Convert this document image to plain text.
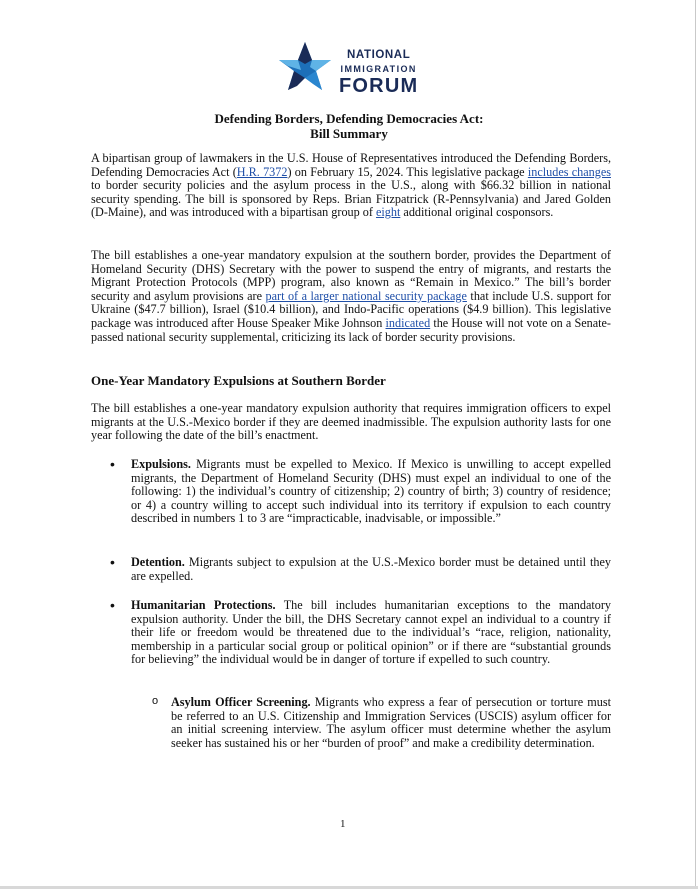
NATIONAL
IMMIGRATION
FORUM
Defending Borders, Defending Democracies Act:
Bill Summary
A bipartisan group of lawmakers in the U.S. House of Representatives introduced the Defending Borders, Defending Democracies Act (H.R. 7372) on February 15, 2024. This legislative package includes changes to border security policies and the asylum process in the U.S., along with $66.32 billion in national security spending. The bill is sponsored by Reps. Brian Fitzpatrick (R-Pennsylvania) and Jared Golden (D-Maine), and was introduced with a bipartisan group of eight additional original cosponsors.
The bill establishes a one-year mandatory expulsion at the southern border, provides the Department of Homeland Security (DHS) Secretary with the power to suspend the entry of migrants, and restarts the Migrant Protection Protocols (MPP) program, also known as “Remain in Mexico.” The bill’s border security and asylum provisions are part of a larger national security package that include U.S. support for Ukraine ($47.7 billion), Israel ($10.4 billion), and Indo-Pacific operations ($4.9 billion). This legislative package was introduced after House Speaker Mike Johnson indicated the House will not vote on a Senate-passed national security supplemental, criticizing its lack of border security provisions.
One-Year Mandatory Expulsions at Southern Border
The bill establishes a one-year mandatory expulsion authority that requires immigration officers to expel migrants at the U.S.-Mexico border if they are deemed inadmissible. The expulsion authority lasts for one year following the date of the bill’s enactment.
• Expulsions. Migrants must be expelled to Mexico. If Mexico is unwilling to accept expelled migrants, the Department of Homeland Security (DHS) must expel an individual to one of the following: 1) the individual’s country of citizenship; 2) country of birth; 3) country of residence; or 4) a country willing to accept such individual into its territory if expulsion to each country described in numbers 1 to 3 are “impracticable, inadvisable, or impossible.”
• Detention. Migrants subject to expulsion at the U.S.-Mexico border must be detained until they are expelled.
• Humanitarian Protections. The bill includes humanitarian exceptions to the mandatory expulsion authority. Under the bill, the DHS Secretary cannot expel an individual to a country if their life or freedom would be threatened due to the individual’s “race, religion, nationality, membership in a particular social group or political opinion” or if there are “substantial grounds for believing” the individual would be in danger of torture if expelled to such country.
o Asylum Officer Screening. Migrants who express a fear of persecution or torture must be referred to an U.S. Citizenship and Immigration Services (USCIS) asylum officer for an initial screening interview. The asylum officer must determine whether the asylum seeker has sustained his or her “burden of proof” and make a credibility determination.
1
